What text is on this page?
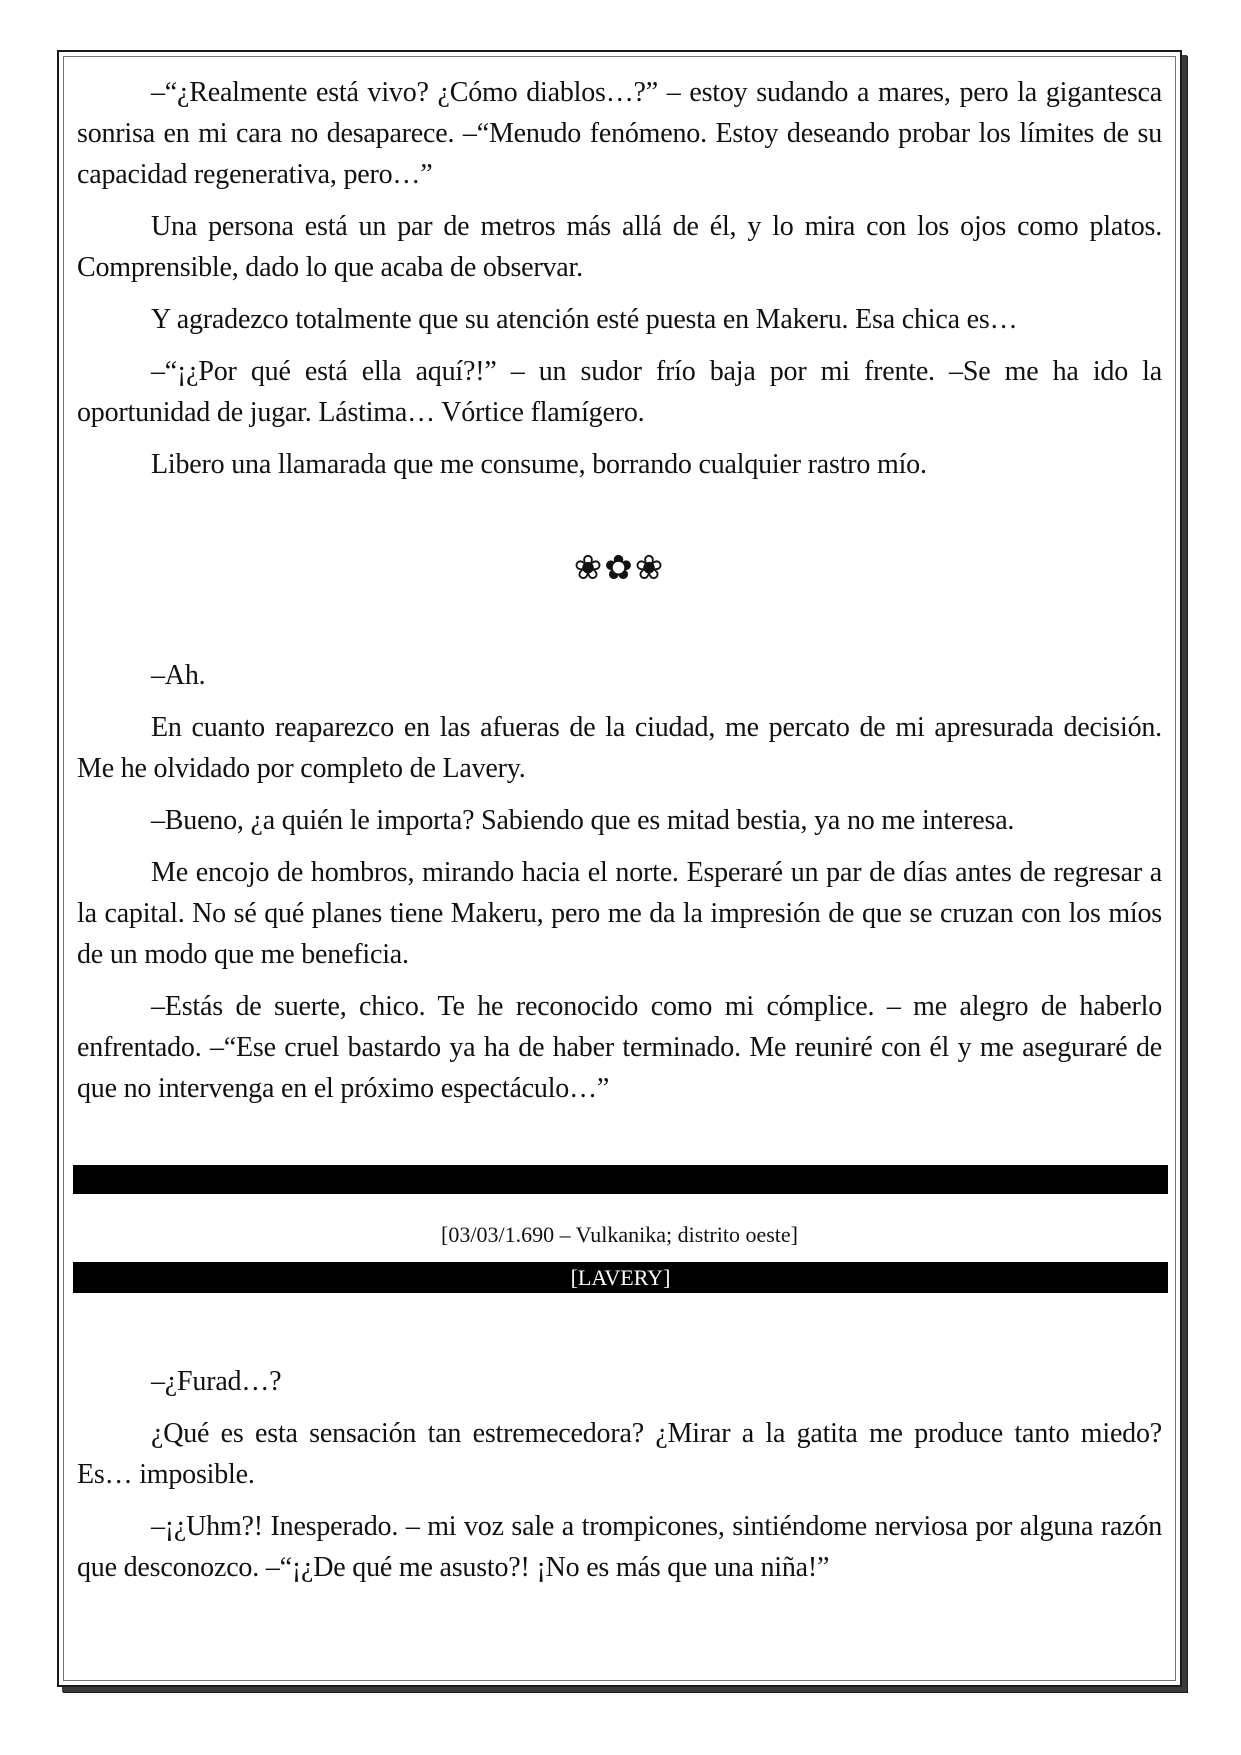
–“¿Realmente está vivo? ¿Cómo diablos…?” – estoy sudando a mares, pero la gigantesca sonrisa en mi cara no desaparece. –“Menudo fenómeno. Estoy deseando probar los límites de su capacidad regenerativa, pero…”

Una persona está un par de metros más allá de él, y lo mira con los ojos como platos. Comprensible, dado lo que acaba de observar.

Y agradezco totalmente que su atención esté puesta en Makeru. Esa chica es…

–“¡¿Por qué está ella aquí?!” – un sudor frío baja por mi frente. –Se me ha ido la oportunidad de jugar. Lástima… Vórtice flamígero.

Libero una llamarada que me consume, borrando cualquier rastro mío.

❀✿❀

–Ah.

En cuanto reaparezco en las afueras de la ciudad, me percato de mi apresurada decisión. Me he olvidado por completo de Lavery.

–Bueno, ¿a quién le importa? Sabiendo que es mitad bestia, ya no me interesa.

Me encojo de hombros, mirando hacia el norte. Esperaré un par de días antes de regresar a la capital. No sé qué planes tiene Makeru, pero me da la impresión de que se cruzan con los míos de un modo que me beneficia.

–Estás de suerte, chico. Te he reconocido como mi cómplice. – me alegro de haberlo enfrentado. –“Ese cruel bastardo ya ha de haber terminado. Me reuniré con él y me aseguraré de que no intervenga en el próximo espectáculo…”

[03/03/1.690 – Vulkanika; distrito oeste]
[LAVERY]

–¿Furad…?

¿Qué es esta sensación tan estremecedora? ¿Mirar a la gatita me produce tanto miedo? Es… imposible.

–¡¿Uhm?! Inesperado. – mi voz sale a trompicones, sintiéndome nerviosa por alguna razón que desconozco. –“¡¿De qué me asusto?! ¡No es más que una niña!”
